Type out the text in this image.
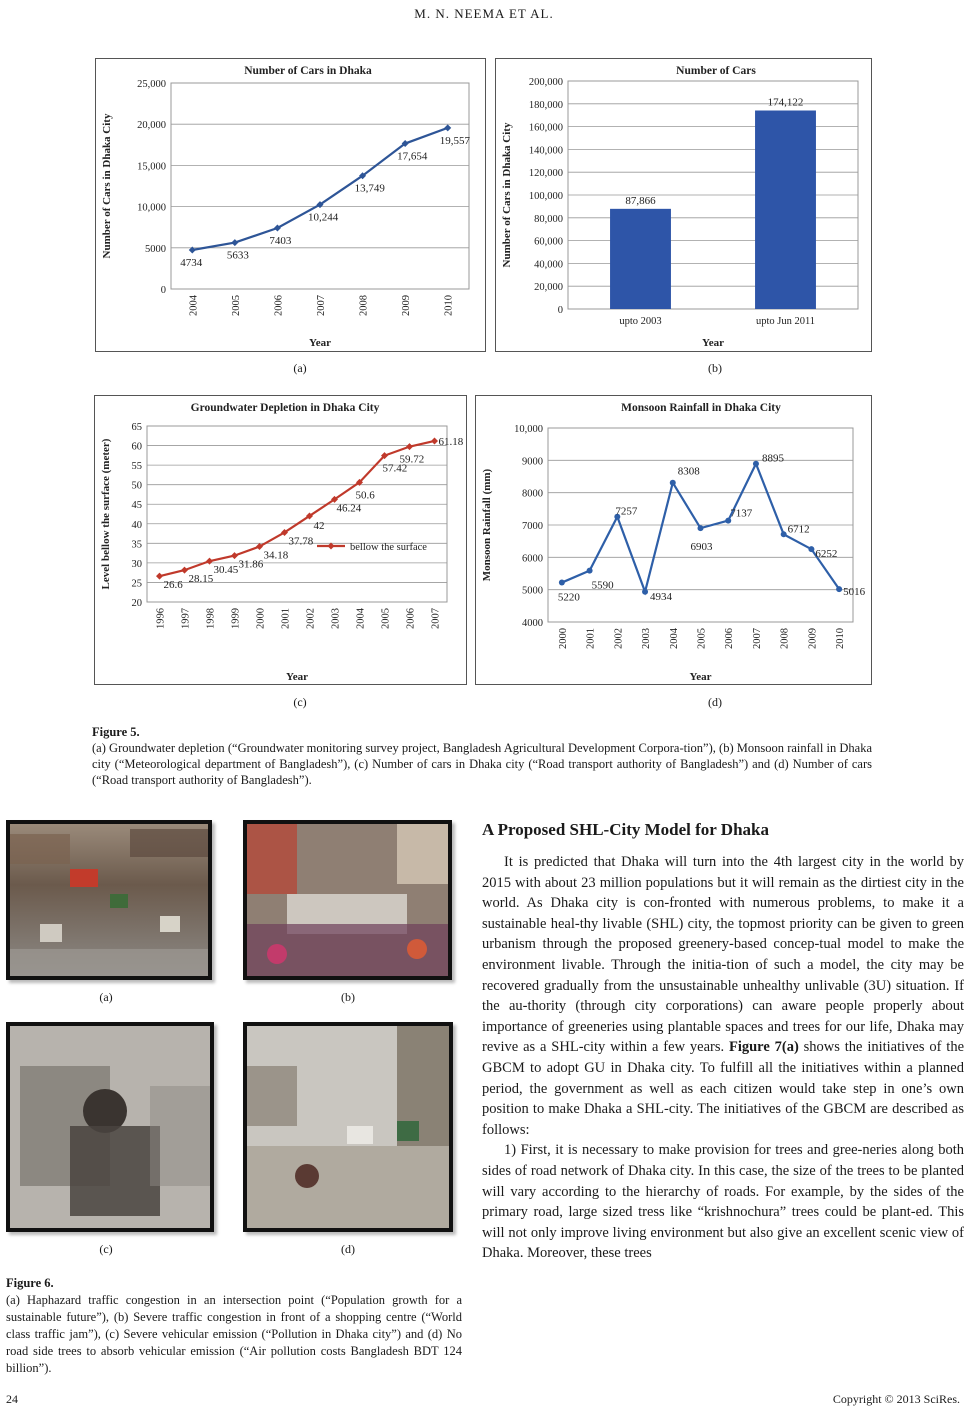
M. N. NEEMA ET AL.
Number of Cars in Dhaka
0
5000
10,000
15,000
20,000
25,000
Number of Cars in Dhaka City
Year
4734
2004
5633
2005
7403
2006
10,244
2007
13,749
2008
17,654
2009
19,557
2010
Number of Cars
0
20,000
40,000
60,000
80,000
100,000
120,000
140,000
160,000
180,000
200,000
Number of Cars in Dhaka City
Year
87,866
upto 2003
174,122
upto Jun 2011
(a)	(b)
Groundwater Depletion in Dhaka City
20
25
30
35
40
45
50
55
60
65
Level bellow the surface (meter)
Year
26.6
1996
28.15
1997
30.45
1998
31.86
1999
34.18
2000
37.78
2001
42
2002
46.24
2003
50.6
2004
57.42
2005
59.72
2006
61.18
2007
bellow the surface
Monsoon Rainfall in Dhaka City
4000
5000
6000
7000
8000
9000
10,000
Monsoon Rainfall (mm)
Year
5220
2000
5590
2001
7257
2002
4934
2003
8308
2004
6903
2005
7137
2006
8895
2007
6712
2008
6252
2009
5016
2010
(c)	(d)
Figure 5.
(a) Groundwater depletion (“Groundwater monitoring survey project, Bangladesh Agricultural Development Corpora-tion”), (b) Monsoon rainfall in Dhaka city (“Meteorological department of Bangladesh”), (c) Number of cars in Dhaka city (“Road transport authority of Bangladesh”) and (d) Number of cars (“Road transport authority of Bangladesh”).
(a)	(b)
(c)	(d)
Figure 6.
(a) Haphazard traffic congestion in an intersection point (“Population growth for a sustainable future”), (b) Severe traffic congestion in front of a shopping centre (“World class traffic jam”), (c) Severe vehicular emission (“Pollution in Dhaka city”) and (d) No road side trees to absorb vehicular emission (“Air pollution costs Bangladesh BDT 124 billion”).
A Proposed SHL-City Model for Dhaka

It is predicted that Dhaka will turn into the 4th largest city in the world by 2015 with about 23 million populations but it will remain as the dirtiest city in the world. As Dhaka city is con-fronted with numerous problems, to make it a sustainable heal-thy livable (SHL) city, the topmost priority can be given to green urbanism through the proposed greenery-based concep-tual model to make the environment livable. Through the initia-tion of such a model, the city may be recovered gradually from the unsustainable unhealthy unlivable (3U) situation. If the au-thority (through city corporations) can aware people properly about importance of greeneries using plantable spaces and trees for our life, Dhaka may revive as a SHL-city within a few years. Figure 7(a) shows the initiatives of the GBCM to adopt GU in Dhaka city. To fulfill all the initiatives within a planned period, the government as well as each citizen would take step in one’s own position to make Dhaka a SHL-city. The initiatives of the GBCM are described as follows:

1) First, it is necessary to make provision for trees and gree-neries along both sides of road network of Dhaka city. In this case, the size of the trees to be planted will vary according to the hierarchy of roads. For example, by the sides of the primary road, large sized tress like “krishnochura” trees could be plant-ed. This will not only improve living environment but also give an excellent scenic view of Dhaka. Moreover, these trees

24	Copyright © 2013 SciRes.
